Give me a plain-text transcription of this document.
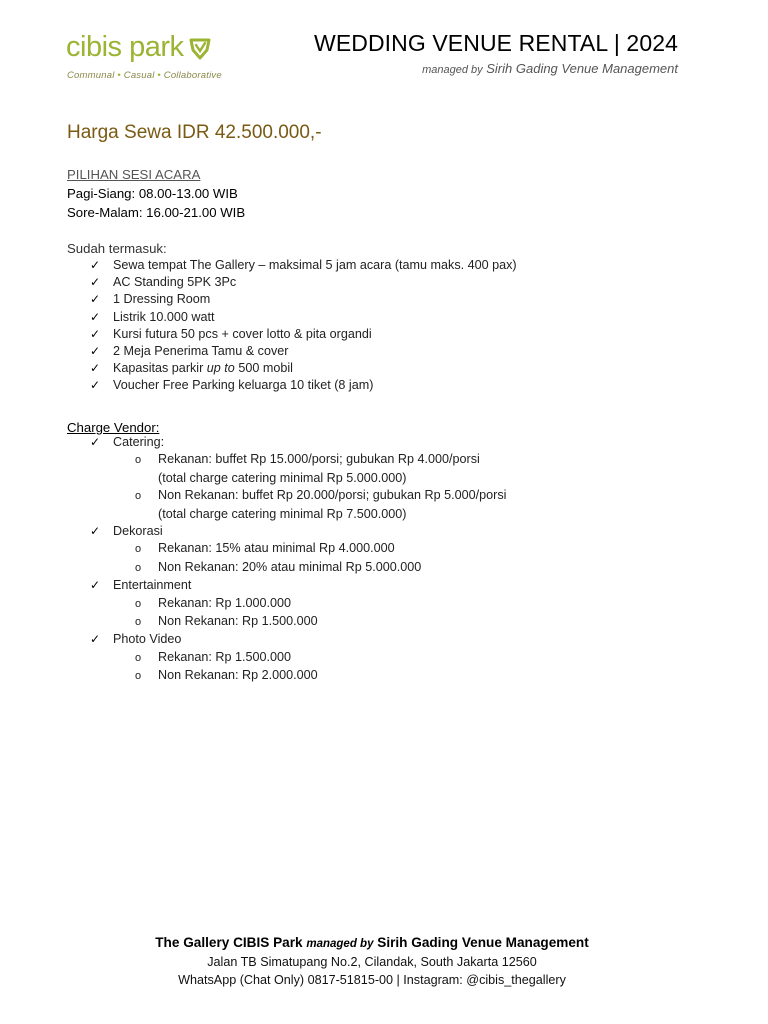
cibis park
Communal • Casual • Collaborative
WEDDING VENUE RENTAL | 2024
managed by Sirih Gading Venue Management
Harga Sewa IDR 42.500.000,-
PILIHAN SESI ACARA
Pagi-Siang: 08.00-13.00 WIB
Sore-Malam: 16.00-21.00 WIB
Sudah termasuk:
✓ Sewa tempat The Gallery – maksimal 5 jam acara (tamu maks. 400 pax)
✓ AC Standing 5PK 3Pc
✓ 1 Dressing Room
✓ Listrik 10.000 watt
✓ Kursi futura 50 pcs + cover lotto & pita organdi
✓ 2 Meja Penerima Tamu & cover
✓ Kapasitas parkir up to 500 mobil
✓ Voucher Free Parking keluarga 10 tiket (8 jam)
Charge Vendor:
✓ Catering:
o Rekanan: buffet Rp 15.000/porsi; gubukan Rp 4.000/porsi
(total charge catering minimal Rp 5.000.000)
o Non Rekanan: buffet Rp 20.000/porsi; gubukan Rp 5.000/porsi
(total charge catering minimal Rp 7.500.000)
✓ Dekorasi
o Rekanan: 15% atau minimal Rp 4.000.000
o Non Rekanan: 20% atau minimal Rp 5.000.000
✓ Entertainment
o Rekanan: Rp 1.000.000
o Non Rekanan: Rp 1.500.000
✓ Photo Video
o Rekanan: Rp 1.500.000
o Non Rekanan: Rp 2.000.000
The Gallery CIBIS Park managed by Sirih Gading Venue Management
Jalan TB Simatupang No.2, Cilandak, South Jakarta 12560
WhatsApp (Chat Only) 0817-51815-00 | Instagram: @cibis_thegallery
